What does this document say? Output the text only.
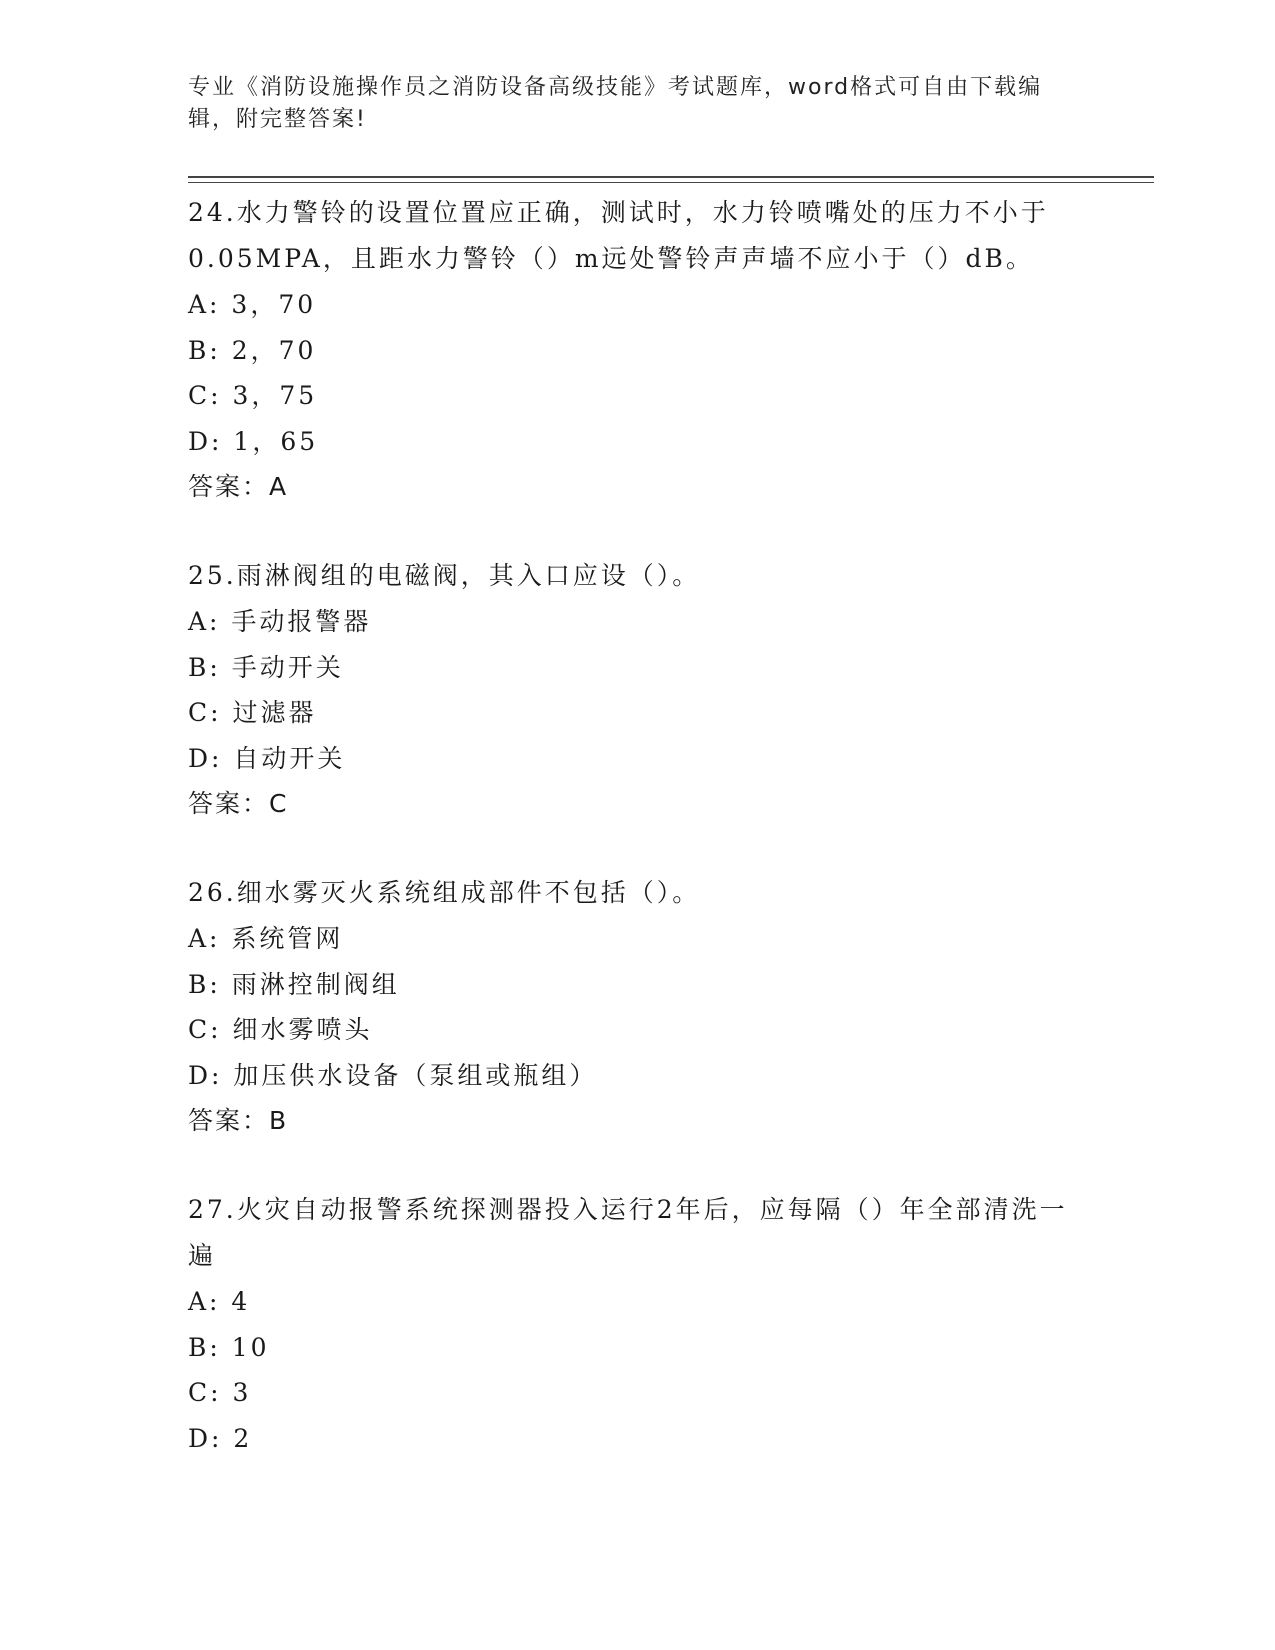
专业《消防设施操作员之消防设备高级技能》考试题库，word格式可自由下载编辑，附完整答案!

24.水力警铃的设置位置应正确，测试时，水力铃喷嘴处的压力不小于0.05MPA，且距水力警铃（）m远处警铃声声墙不应小于（）dB。

A: 3，70

B: 2，70

C: 3，75

D: 1，65

答案：A

25.雨淋阀组的电磁阀，其入口应设（）。

A: 手动报警器

B: 手动开关

C: 过滤器

D: 自动开关

答案：C

26.细水雾灭火系统组成部件不包括（）。

A: 系统管网

B: 雨淋控制阀组

C: 细水雾喷头

D: 加压供水设备（泵组或瓶组）

答案：B

27.火灾自动报警系统探测器投入运行2年后，应每隔（）年全部清洗一遍

A: 4

B: 10

C: 3

D: 2
